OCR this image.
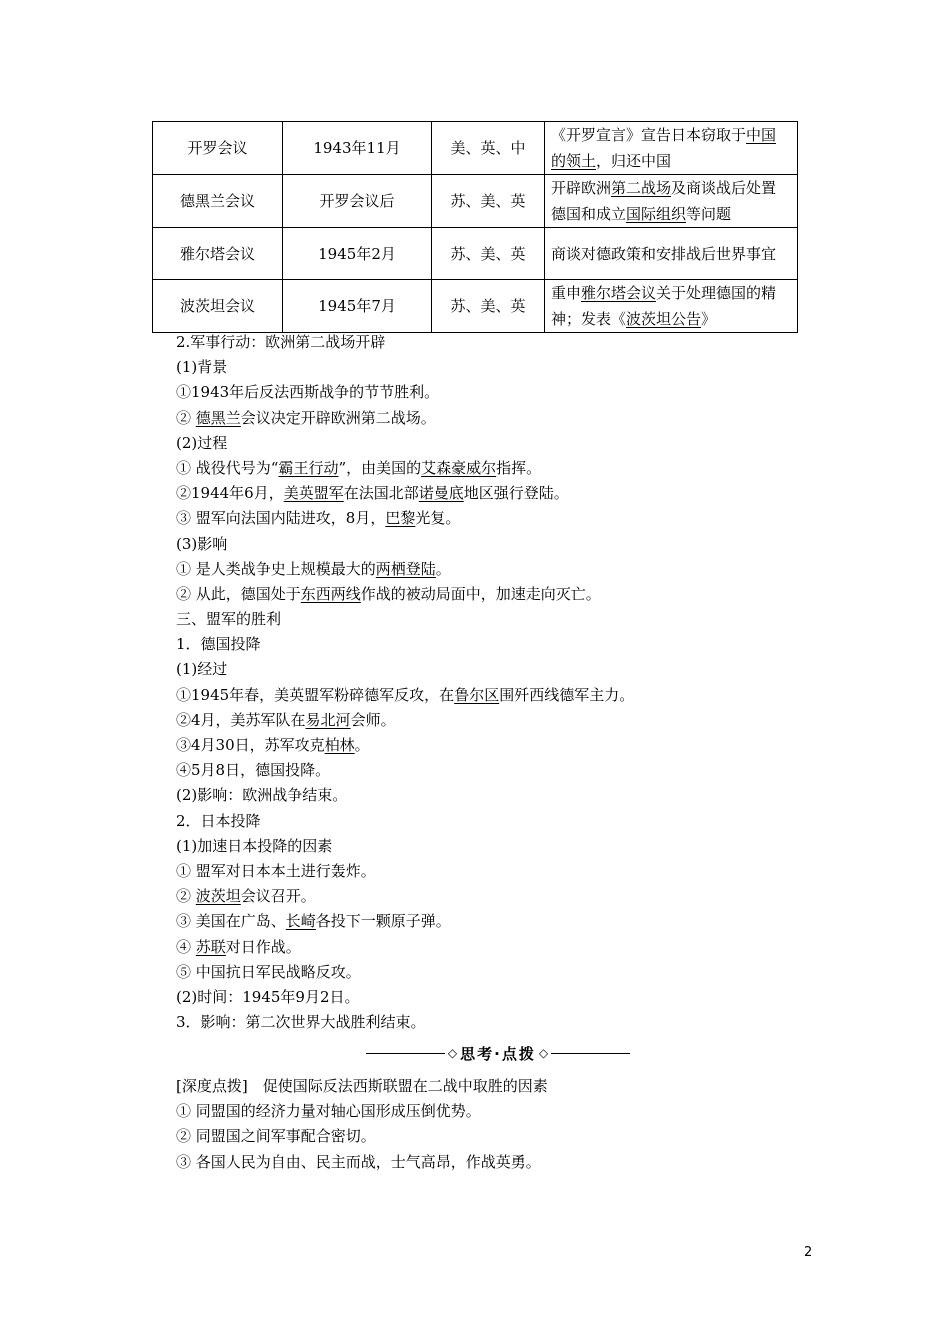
开罗会议	1943年11月	美、英、中	《开罗宣言》宣告日本窃取于中国的领土，归还中国
德黑兰会议	开罗会议后	苏、美、英	开辟欧洲第二战场及商谈战后处置德国和成立国际组织等问题
雅尔塔会议	1945年2月	苏、美、英	商谈对德政策和安排战后世界事宜
波茨坦会议	1945年7月	苏、美、英	重申雅尔塔会议关于处理德国的精神；发表《波茨坦公告》
2.军事行动：欧洲第二战场开辟
(1)背景
①1943年后反法西斯战争的节节胜利。
② 德黑兰会议决定开辟欧洲第二战场。
(2)过程
① 战役代号为“霸王行动”，由美国的艾森豪威尔指挥。
②1944年6月，美英盟军在法国北部诺曼底地区强行登陆。
③ 盟军向法国内陆进攻，8月，巴黎光复。
(3)影响
① 是人类战争史上规模最大的两栖登陆。
② 从此，德国处于东西两线作战的被动局面中，加速走向灭亡。
三、盟军的胜利
1．德国投降
(1)经过
①1945年春，美英盟军粉碎德军反攻，在鲁尔区围歼西线德军主力。
②4月，美苏军队在易北河会师。
③4月30日，苏军攻克柏林。
④5月8日，德国投降。
(2)影响：欧洲战争结束。
2．日本投降
(1)加速日本投降的因素
① 盟军对日本本土进行轰炸。
② 波茨坦会议召开。
③ 美国在广岛、长崎各投下一颗原子弹。
④ 苏联对日作战。
⑤ 中国抗日军民战略反攻。
(2)时间：1945年9月2日。
3．影响：第二次世界大战胜利结束。
◇ 思考·点拨 ◇
[深度点拨]　促使国际反法西斯联盟在二战中取胜的因素
① 同盟国的经济力量对轴心国形成压倒优势。
② 同盟国之间军事配合密切。
③ 各国人民为自由、民主而战，士气高昂，作战英勇。
2
